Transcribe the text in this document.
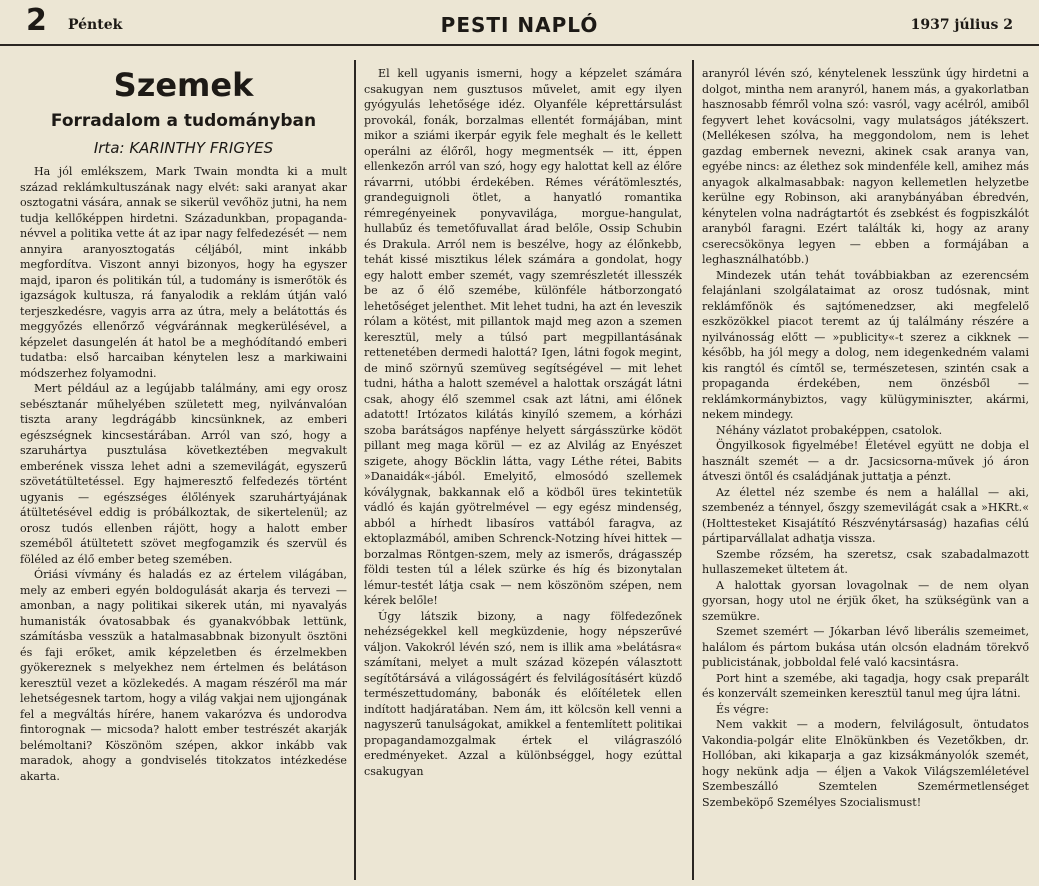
2 Péntek	PESTI NAPLÓ	1937 július 2
Szemek
Forradalom a tudományban
Irta: KARINTHY FRIGYES

Ha jól emlékszem, Mark Twain mondta ki a mult század reklámkultuszának nagy elvét: saki aranyat akar osztogatni vására, annak se sikerül vevőhöz jutni, ha nem tudja kellőképpen hirdetni. Századunkban, propaganda-névvel a politika vette át az ipar nagy felfedezését — nem annyira aranyosztogatás céljából, mint inkább megfordítva. Viszont annyi bizonyos, hogy ha egyszer majd, iparon és politikán túl, a tudomány is ismerőtök és igazságok kultusza, rá fanyalodik a reklám útján való terjeszkedésre, vagyis arra az útra, mely a belátottás és meggyőzés ellenőrző végváránnak megkerülésével, a képzelet dasungelén át hatol be a meghódítandó emberi tudatba: első harcaiban kénytelen lesz a markiwaini módszerhez folyamodni.

Mert például az a legújabb találmány, ami egy orosz sebésztanár műhelyében született meg, nyilvánvalóan tiszta arany legdrágább kincsünknek, az emberi egészségnek kincsestárában. Arról van szó, hogy a szaruhártya pusztulása következtében megvakult emberének vissza lehet adni a szemevilágát, egyszerű szövetátültetéssel. Egy hajmeresztő felfedezés történt ugyanis — egészséges élőlények szaruhártyájának átültetésével eddig is próbálkoztak, de sikertelenül; az orosz tudós ellenben rájött, hogy a halott ember szeméből átültetett szövet megfogamzik és szervül és föléled az élő ember beteg szemében.

Óriási vívmány és haladás ez az értelem világában, mely az emberi egyén boldogulását akarja és tervezi — amonban, a nagy politikai sikerek után, mi nyavalyás humanisták óvatosabbak és gyanakvóbbak lettünk, számításba vesszük a hatalmasabbnak bizonyult ösztöni és faji erőket, amik képzeletben és érzelmekben gyökereznek s melyekhez nem értelmen és belátáson keresztül vezet a közlekedés. A magam részéről ma már lehetségesnek tartom, hogy a világ vakjai nem ujjongának fel a megváltás hírére, hanem vakarózva és undorodva fintorognak — micsoda? halott ember testrészét akarják belémoltani? Köszönöm szépen, akkor inkább vak maradok, ahogy a gondviselés titokzatos intézkedése akarta.

El kell ugyanis ismerni, hogy a képzelet számára csakugyan nem gusztusos művelet, amit egy ilyen gyógyulás lehetősége idéz. Olyanféle képrettársulást provokál, fonák, borzalmas ellentét formájában, mint mikor a sziámi ikerpár egyik fele meghalt és le kellett operálni az élőről, hogy megmentsék — itt, éppen ellenkezőn arról van szó, hogy egy halottat kell az élőre rávarrni, utóbbi érdekében. Rémes vérátömlesztés, grandeguignoli ötlet, a hanyatló romantika rémregényeinek ponyvavilága, morgue-hangulat, hullabűz és temetőfuvallat árad belőle, Ossip Schubin és Drakula. Arról nem is beszélve, hogy az élőnkebb, tehát kissé misztikus lélek számára a gondolat, hogy egy halott ember szemét, vagy szemrészletét illesszék be az ő élő szemébe, különféle hátborzongató lehetőséget jelenthet. Mit lehet tudni, ha azt én leveszik rólam a kötést, mit pillantok majd meg azon a szemen keresztül, mely a túlsó part megpillantásának rettenetében dermedi halottá? Igen, látni fogok megint, de minő szörnyű szemüveg segítségével — mit lehet tudni, hátha a halott szemével a halottak országát látni csak, ahogy élő szemmel csak azt látni, ami élőnek adatott! Irtózatos kilátás kinyíló szemem, a kórházi szoba barátságos napfénye helyett sárgásszürke ködöt pillant meg maga körül — ez az Alvilág az Enyészet szigete, ahogy Böcklin látta, vagy Léthe rétei, Babits »Danaidák«-jából. Emelyitő, elmosódó szellemek kóválygnak, bakkannak elő a ködből üres tekintetük vádló és kaján gyötrelmével — egy egész mindenség, abból a hírhedt libasíros vattából faragva, az ektoplazmából, amiben Schrenck-Notzing hívei hittek — borzalmas Röntgen-szem, mely az ismerős, drágasszép földi testen túl a lélek szürke és híg és bizonytalan lémur-testét látja csak — nem köszönöm szépen, nem kérek belőle!

Úgy látszik bizony, a nagy fölfedezőnek nehézségekkel kell megküzdenie, hogy népszerűvé váljon. Vakokról lévén szó, nem is illik ama »belátásra« számítani, melyet a mult század közepén választott segítőtársává a világosságért és felvilágosításért küzdő természettudomány, babonák és előítéletek ellen indított hadjáratában. Nem ám, itt kölcsön kell venni a nagyszerű tanulságokat, amikkel a fentemlített politikai propagandamozgalmak értek el világraszóló eredményeket. Azzal a különbséggel, hogy ezúttal csakugyan

aranyról lévén szó, kénytelenek lesszünk úgy hirdetni a dolgot, mintha nem aranyról, hanem más, a gyakorlatban hasznosabb fémről volna szó: vasról, vagy acélról, amiből fegyvert lehet kovácsolni, vagy mulatságos játékszert. (Mellékesen szólva, ha meggondolom, nem is lehet gazdag embernek nevezni, akinek csak aranya van, egyébe nincs: az élethez sok mindenféle kell, amihez más anyagok alkalmasabbak: nagyon kellemetlen helyzetbe kerülne egy Robinson, aki aranybányában ébredvén, kénytelen volna nadrágtartót és zsebkést és fogpiszkálót aranyból faragni. Ezért találták ki, hogy az arany cserecsökönya legyen — ebben a formájában a leghasználhatóbb.)

Mindezek után tehát továbbiakban az ezerencsém felajánlani szolgálataimat az orosz tudósnak, mint reklámfőnök és sajtómenedzser, aki megfelelő eszközökkel piacot teremt az új találmány részére a nyilvánosság előtt — »publicity«-t szerez a cikknek — később, ha jól megy a dolog, nem idegenkedném valami kis rangtól és címtől se, természetesen, szintén csak a propaganda érdekében, nem önzésből — reklámkormánybiztos, vagy külügyminiszter, akármi, nekem mindegy.

Néhány vázlatot probaképpen, csatolok.

Öngyilkosok figyelmébe! Életével együtt ne dobja el használt szemét — a dr. Jacsicsorna-művek jó áron átveszi öntől és családjának juttatja a pénzt.

Az élettel néz szembe és nem a halállal — aki, szembenéz a ténnyel, őszgy szemevilágát csak a »HKRt.« (Holttesteket Kisajátító Részvénytársaság) hazafias célú pártiparvállalat adhatja vissza.

Szembe rőzsém, ha szeretsz, csak szabadalmazott hullaszemeket ültetem át.

A halottak gyorsan lovagolnak — de nem olyan gyorsan, hogy utol ne érjük őket, ha szükségünk van a szemükre.

Szemet szemért — Jókarban lévő liberális szemeimet, halálom és pártom bukása után olcsón eladnám törekvő publicistának, jobboldal felé való kacsintásra.

Port hint a szemébe, aki tagadja, hogy csak preparált és konzervált szemeinken keresztül tanul meg újra látni.

És végre:

Nem vakkit — a modern, felvilágosult, öntudatos Vakondia-polgár elite Elnökünkben és Vezetőkben, dr. Hollóban, aki kikaparja a gaz kizsákmányolók szemét, hogy nekünk adja — éljen a Vakok Világszemléletével Szembeszálló Szemtelen Szemérmetlenséget Szembeköpő Személyes Szocialismust!
